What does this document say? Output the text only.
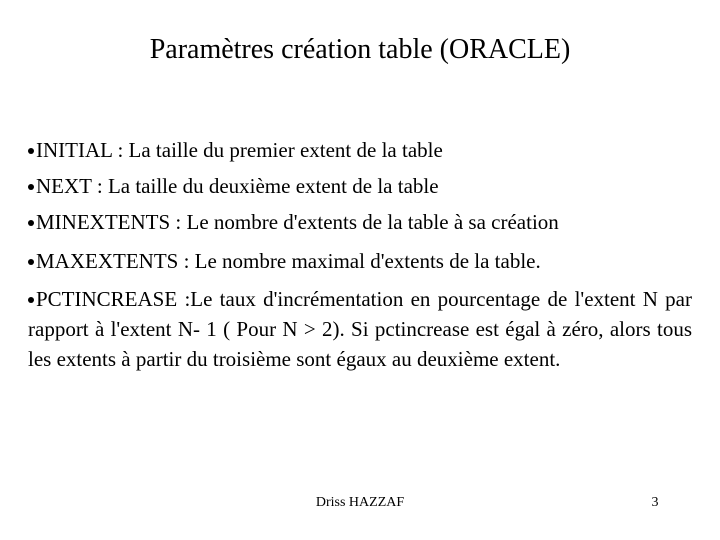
Paramètres création table (ORACLE)
INITIAL : La taille du premier extent de la table
NEXT : La taille du deuxième extent de la table
MINEXTENTS : Le nombre d'extents de la table à sa création
MAXEXTENTS : Le nombre maximal d'extents de la table.
PCTINCREASE :Le taux d'incrémentation en pourcentage de l'extent N par rapport à l'extent N- 1 ( Pour N > 2). Si pctincrease est égal à zéro, alors tous les extents à partir du troisième sont égaux au deuxième extent.
Driss HAZZAF	3
